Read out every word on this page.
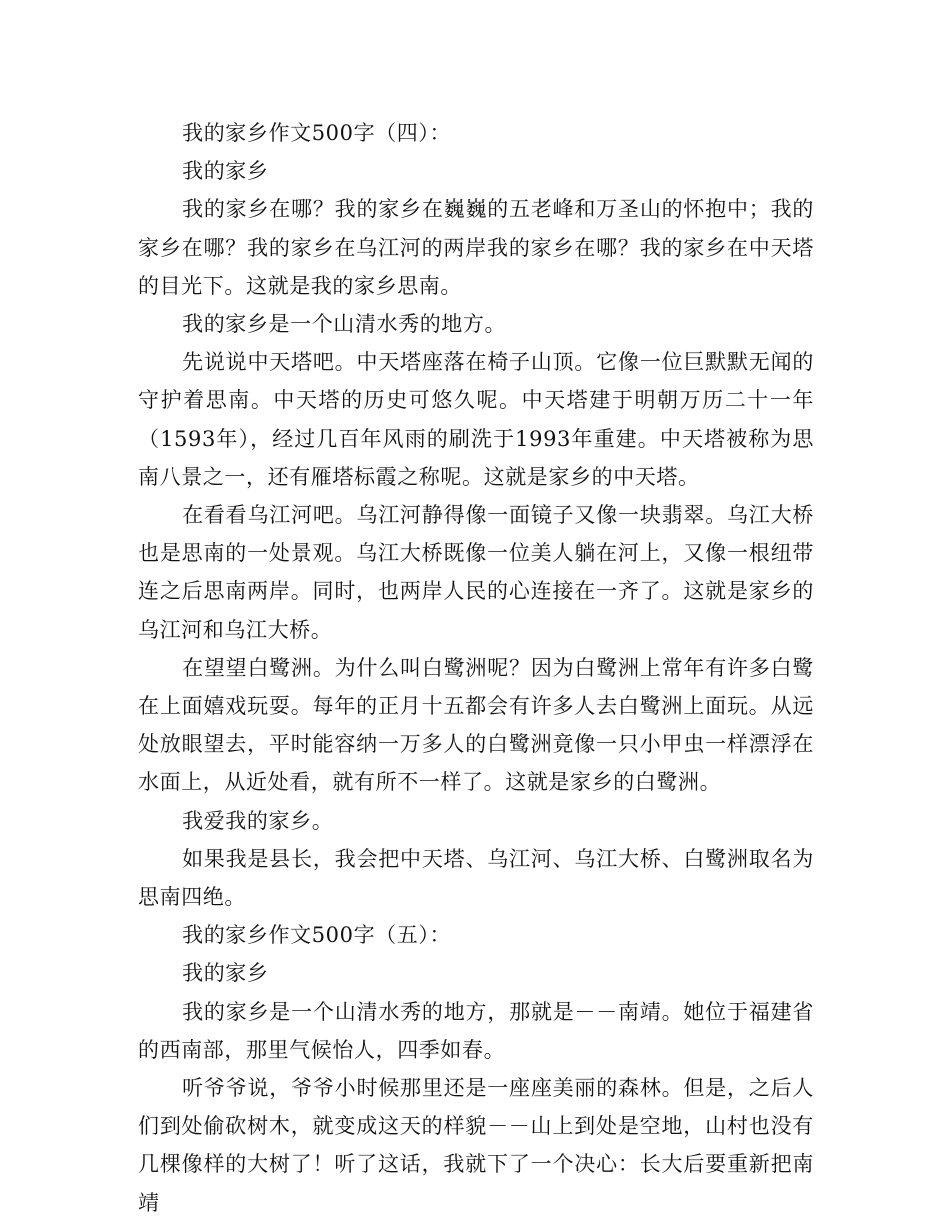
我的家乡作文500字（四）：

我的家乡

我的家乡在哪？我的家乡在巍巍的五老峰和万圣山的怀抱中；我的家乡在哪？我的家乡在乌江河的两岸我的家乡在哪？我的家乡在中天塔的目光下。这就是我的家乡思南。

我的家乡是一个山清水秀的地方。

先说说中天塔吧。中天塔座落在椅子山顶。它像一位巨默默无闻的守护着思南。中天塔的历史可悠久呢。中天塔建于明朝万历二十一年（1593年），经过几百年风雨的刷洗于1993年重建。中天塔被称为思南八景之一，还有雁塔标霞之称呢。这就是家乡的中天塔。

在看看乌江河吧。乌江河静得像一面镜子又像一块翡翠。乌江大桥也是思南的一处景观。乌江大桥既像一位美人躺在河上，又像一根纽带连之后思南两岸。同时，也两岸人民的心连接在一齐了。这就是家乡的乌江河和乌江大桥。

在望望白鹭洲。为什么叫白鹭洲呢？因为白鹭洲上常年有许多白鹭在上面嬉戏玩耍。每年的正月十五都会有许多人去白鹭洲上面玩。从远处放眼望去，平时能容纳一万多人的白鹭洲竟像一只小甲虫一样漂浮在水面上，从近处看，就有所不一样了。这就是家乡的白鹭洲。

我爱我的家乡。

如果我是县长，我会把中天塔、乌江河、乌江大桥、白鹭洲取名为思南四绝。

我的家乡作文500字（五）：

我的家乡

我的家乡是一个山清水秀的地方，那就是－－南靖。她位于福建省的西南部，那里气候怡人，四季如春。

听爷爷说，爷爷小时候那里还是一座座美丽的森林。但是，之后人们到处偷砍树木，就变成这天的样貌－－山上到处是空地，山村也没有几棵像样的大树了！听了这话，我就下了一个决心：长大后要重新把南靖
